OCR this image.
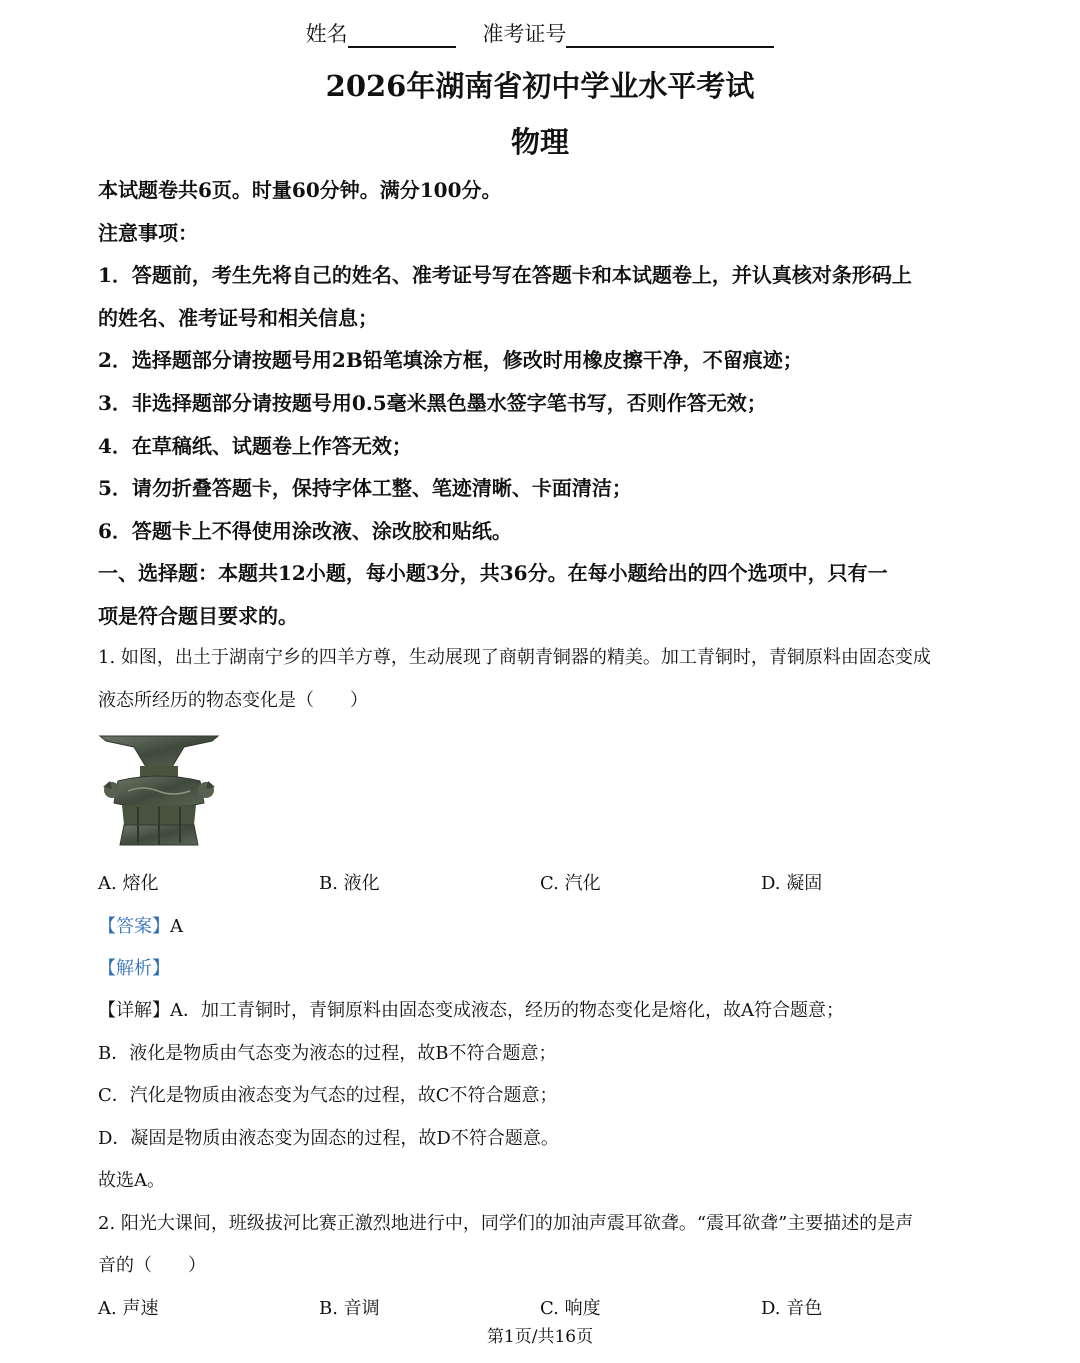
姓名	准考证号
2026年湖南省初中学业水平考试
物理
本试题卷共6页。时量60分钟。满分100分。
注意事项：
1．答题前，考生先将自己的姓名、准考证号写在答题卡和本试题卷上，并认真核对条形码上
的姓名、准考证号和相关信息；
2．选择题部分请按题号用2B铅笔填涂方框，修改时用橡皮擦干净，不留痕迹；
3．非选择题部分请按题号用0.5毫米黑色墨水签字笔书写，否则作答无效；
4．在草稿纸、试题卷上作答无效；
5．请勿折叠答题卡，保持字体工整、笔迹清晰、卡面清洁；
6．答题卡上不得使用涂改液、涂改胶和贴纸。
一、选择题：本题共12小题，每小题3分，共36分。在每小题给出的四个选项中，只有一
项是符合题目要求的。
1. 如图，出土于湖南宁乡的四羊方尊，生动展现了商朝青铜器的精美。加工青铜时，青铜原料由固态变成
液态所经历的物态变化是（　　）
A. 熔化	B. 液化	C. 汽化	D. 凝固
【答案】A
【解析】
【详解】A．加工青铜时，青铜原料由固态变成液态，经历的物态变化是熔化，故A符合题意；
B．液化是物质由气态变为液态的过程，故B不符合题意；
C．汽化是物质由液态变为气态的过程，故C不符合题意；
D．凝固是物质由液态变为固态的过程，故D不符合题意。
故选A。
2. 阳光大课间，班级拔河比赛正激烈地进行中，同学们的加油声震耳欲聋。“震耳欲聋”主要描述的是声
音的（　　）
A. 声速	B. 音调	C. 响度	D. 音色
第1页/共16页
